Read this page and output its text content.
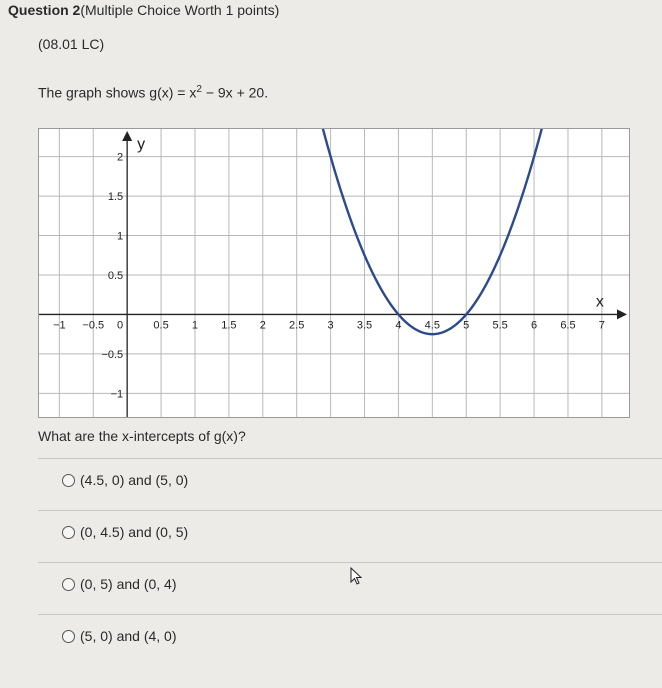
Question 2(Multiple Choice Worth 1 points)
(08.01 LC)
The graph shows $g(x) = x^2 - 9x + 20$.
y
x
2
1.5
1
0.5
0
−0.5
−1
−1 −0.5	0.5 1 1.5 2 2.5 3 3.5 4 4.5 5 5.5 6 6.5 7
What are the x-intercepts of g(x)?
(4.5, 0) and (5, 0)
(0, 4.5) and (0, 5)
(0, 5) and (0, 4)
(5, 0) and (4, 0)
